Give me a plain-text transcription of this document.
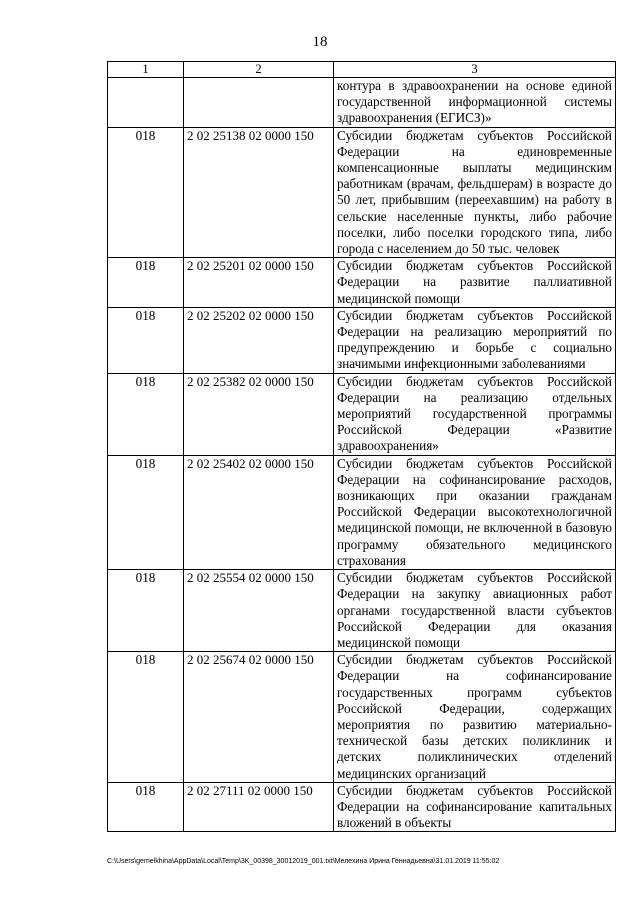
18
1	2	3
		контура в здравоохранении на основе единой государственной информационной системы здравоохранения (ЕГИСЗ)»
018	2 02 25138 02 0000 150	Субсидии бюджетам субъектов Российской Федерации на единовременные компенсационные выплаты медицинским работникам (врачам, фельдшерам) в возрасте до 50 лет, прибывшим (переехавшим) на работу в сельские населенные пункты, либо рабочие поселки, либо поселки городского типа, либо города с населением до 50 тыс. человек
018	2 02 25201 02 0000 150	Субсидии бюджетам субъектов Российской Федерации на развитие паллиативной медицинской помощи
018	2 02 25202 02 0000 150	Субсидии бюджетам субъектов Российской Федерации на реализацию мероприятий по предупреждению и борьбе с социально значимыми инфекционными заболеваниями
018	2 02 25382 02 0000 150	Субсидии бюджетам субъектов Российской Федерации на реализацию отдельных мероприятий государственной программы Российской Федерации «Развитие здравоохранения»
018	2 02 25402 02 0000 150	Субсидии бюджетам субъектов Российской Федерации на софинансирование расходов, возникающих при оказании гражданам Российской Федерации высокотехнологичной медицинской помощи, не включенной в базовую программу обязательного медицинского страхования
018	2 02 25554 02 0000 150	Субсидии бюджетам субъектов Российской Федерации на закупку авиационных работ органами государственной власти субъектов Российской Федерации для оказания медицинской помощи
018	2 02 25674 02 0000 150	Субсидии бюджетам субъектов Российской Федерации на софинансирование государственных программ субъектов Российской Федерации, содержащих мероприятия по развитию материально-технической базы детских поликлиник и детских поликлинических отделений медицинских организаций
018	2 02 27111 02 0000 150	Субсидии бюджетам субъектов Российской Федерации на софинансирование капитальных вложений в объекты
C:\Users\gemelkhina\AppData\Local\Temp\3K_00398_30012019_001.txt\Мелехина Ирина Геннадьевна\31.01.2019 11:55:02
